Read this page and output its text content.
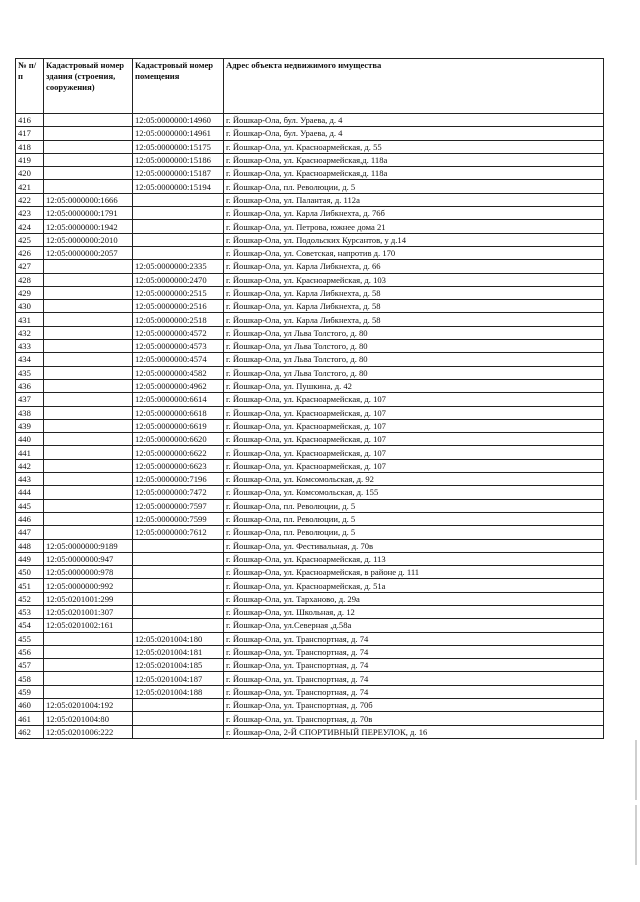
№ п/п	Кадастровый номер здания (строения, сооружения)	Кадастровый номер помещения	Адрес объекта недвижимого имущества
416		12:05:0000000:14960	г. Йошкар-Ола, бул. Урaева, д. 4
417		12:05:0000000:14961	г. Йошкар-Ола, бул. Урaева, д. 4
418		12:05:0000000:15175	г. Йошкар-Ола, ул. Красноармейская, д. 55
419		12:05:0000000:15186	г. Йошкар-Ола, ул. Красноармейская,д. 118а
420		12:05:0000000:15187	г. Йошкар-Ола, ул. Красноармейская,д. 118а
421		12:05:0000000:15194	г. Йошкар-Ола, пл. Революции, д. 5
422	12:05:0000000:1666		г. Йошкар-Ола, ул. Палантая, д. 112а
423	12:05:0000000:1791		г. Йошкар-Ола, ул. Карла Либкнехта, д. 76б
424	12:05:0000000:1942		г. Йошкар-Ола, ул. Петрова, южнее дома 21
425	12:05:0000000:2010		г. Йошкар-Ола, ул. Подольских Курсантов, у д.14
426	12:05:0000000:2057		г. Йошкар-Ола, ул. Советская, напротив д. 170
427		12:05:0000000:2335	г. Йошкар-Ола, ул. Карла Либкнехта, д. 66
428		12:05:0000000:2470	г. Йошкар-Ола, ул. Красноармейская, д. 103
429		12:05:0000000:2515	г. Йошкар-Ола, ул. Карла Либкнехта, д. 58
430		12:05:0000000:2516	г. Йошкар-Ола, ул. Карла Либкнехта, д. 58
431		12:05:0000000:2518	г. Йошкар-Ола, ул. Карла Либкнехта, д. 58
432		12:05:0000000:4572	г. Йошкар-Ола, ул Льва Толстого, д. 80
433		12:05:0000000:4573	г. Йошкар-Ола, ул Льва Толстого, д. 80
434		12:05:0000000:4574	г. Йошкар-Ола, ул Льва Толстого, д. 80
435		12:05:0000000:4582	г. Йошкар-Ола, ул Льва Толстого, д. 80
436		12:05:0000000:4962	г. Йошкар-Ола, ул. Пушкина, д. 42
437		12:05:0000000:6614	г. Йошкар-Ола, ул. Красноармейская, д. 107
438		12:05:0000000:6618	г. Йошкар-Ола, ул. Красноармейская, д. 107
439		12:05:0000000:6619	г. Йошкар-Ола, ул. Красноармейская, д. 107
440		12:05:0000000:6620	г. Йошкар-Ола, ул. Красноармейская, д. 107
441		12:05:0000000:6622	г. Йошкар-Ола, ул. Красноармейская, д. 107
442		12:05:0000000:6623	г. Йошкар-Ола, ул. Красноармейская, д. 107
443		12:05:0000000:7196	г. Йошкар-Ола, ул. Комсомольская, д. 92
444		12:05:0000000:7472	г. Йошкар-Ола, ул. Комсомольская, д. 155
445		12:05:0000000:7597	г. Йошкар-Ола, пл. Революции, д. 5
446		12:05:0000000:7599	г. Йошкар-Ола, пл. Революции, д. 5
447		12:05:0000000:7612	г. Йошкар-Ола, пл. Революции, д. 5
448	12:05:0000000:9189		г. Йошкар-Ола, ул. Фестивальная, д. 70в
449	12:05:0000000:947		г. Йошкар-Ола, ул. Красноармейская, д. 113
450	12:05:0000000:978		г. Йошкар-Ола, ул. Красноармейская, в районе д. 111
451	12:05:0000000:992		г. Йошкар-Ола, ул. Красноармейская, д. 51а
452	12:05:0201001:299		г. Йошкар-Ола, ул. Тарханово, д. 29а
453	12:05:0201001:307		г. Йошкар-Ола, ул. Школьная, д. 12
454	12:05:0201002:161		г. Йошкар-Ола, ул.Северная ,д.58а
455		12:05:0201004:180	г. Йошкар-Ола, ул. Транспортная, д. 74
456		12:05:0201004:181	г. Йошкар-Ола, ул. Транспортная, д. 74
457		12:05:0201004:185	г. Йошкар-Ола, ул. Транспортная, д. 74
458		12:05:0201004:187	г. Йошкар-Ола, ул. Транспортная, д. 74
459		12:05:0201004:188	г. Йошкар-Ола, ул. Транспортная, д. 74
460	12:05:0201004:192		г. Йошкар-Ола, ул. Транспортная, д. 70б
461	12:05:0201004:80		г. Йошкар-Ола, ул. Транспортная, д. 70в
462	12:05:0201006:222		г. Йошкар-Ола, 2-Й СПОРТИВНЫЙ ПЕРЕУЛОК, д. 16
